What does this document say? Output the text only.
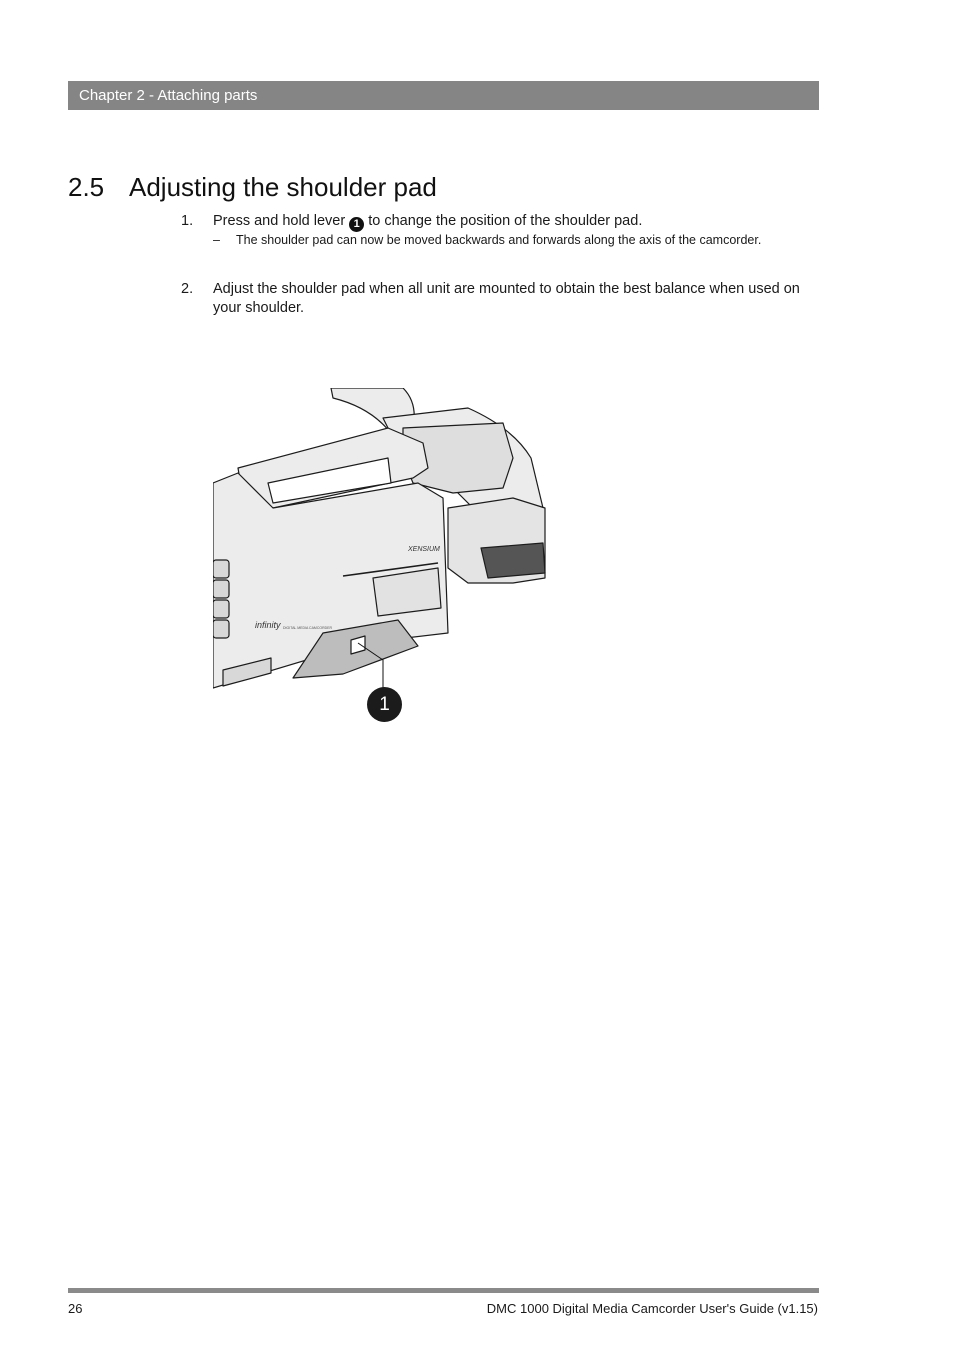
Chapter 2 - Attaching parts
2.5 Adjusting the shoulder pad
1. Press and hold lever 1 to change the position of the shoulder pad.
– The shoulder pad can now be moved backwards and forwards along the axis of the camcorder.
2. Adjust the shoulder pad when all unit are mounted to obtain the best balance when used on your shoulder.
XENSIUM
infinity DIGITAL MEDIA CAMCORDER
1
26	DMC 1000 Digital Media Camcorder User's Guide (v1.15)
